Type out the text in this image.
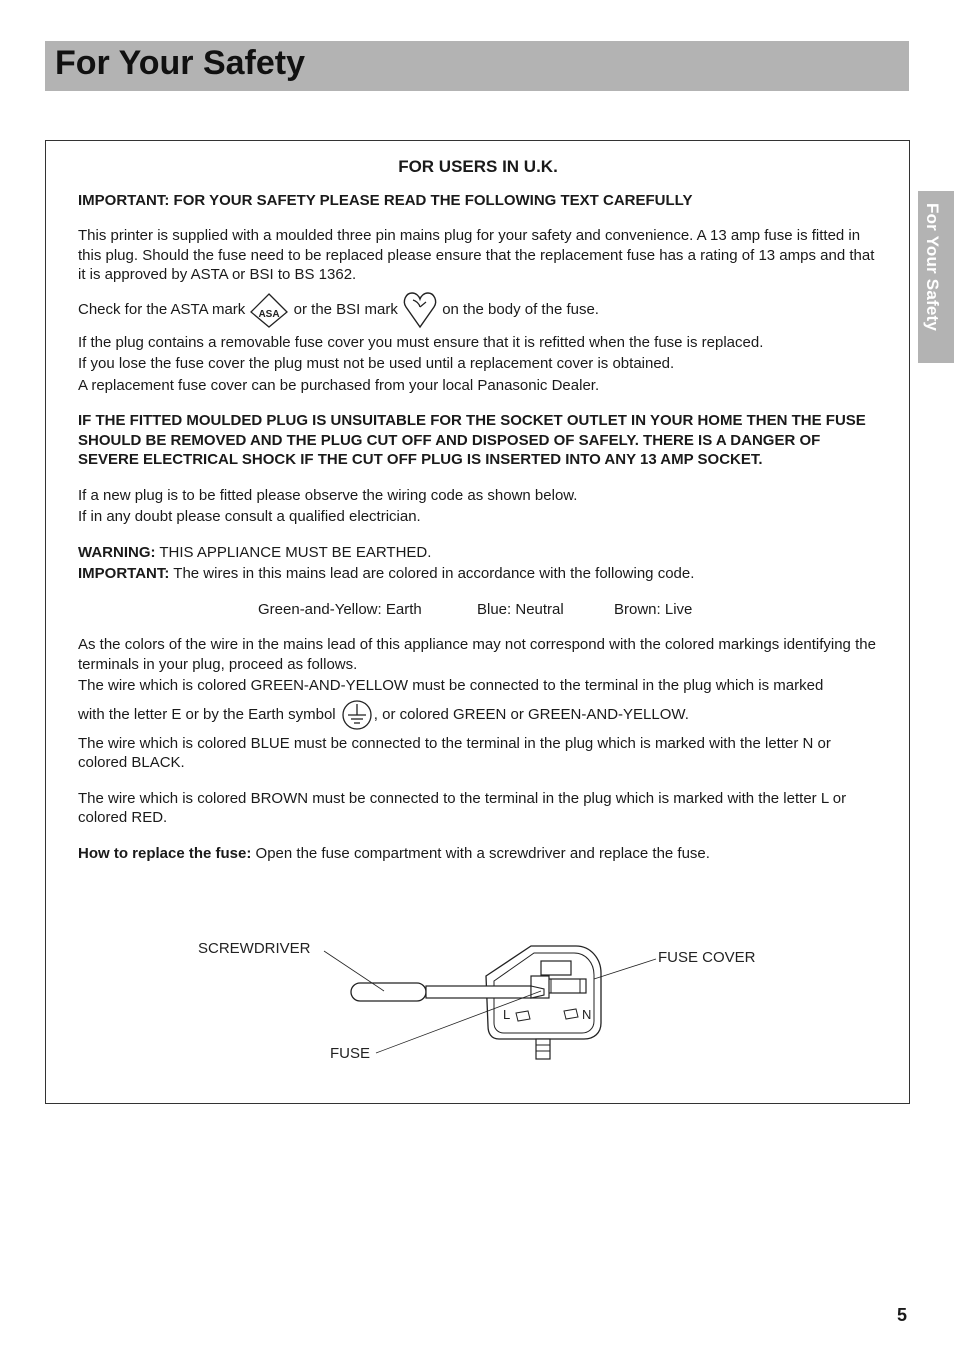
For Your Safety
For Your Safety

FOR USERS IN U.K.

IMPORTANT: FOR YOUR SAFETY PLEASE READ THE FOLLOWING TEXT CAREFULLY

This printer is supplied with a moulded three pin mains plug for your safety and convenience. A 13 amp fuse is fitted in this plug. Should the fuse need to be replaced please ensure that the replacement fuse has a rating of 13 amps and that it is approved by ASTA or BSI to BS 1362.

Check for the ASTA mark ASA or the BSI mark	on the body of the fuse.

If the plug contains a removable fuse cover you must ensure that it is refitted when the fuse is replaced.

If you lose the fuse cover the plug must not be used until a replacement cover is obtained.

A replacement fuse cover can be purchased from your local Panasonic Dealer.

IF THE FITTED MOULDED PLUG IS UNSUITABLE FOR THE SOCKET OUTLET IN YOUR HOME THEN THE FUSE SHOULD BE REMOVED AND THE PLUG CUT OFF AND DISPOSED OF SAFELY. THERE IS A DANGER OF SEVERE ELECTRICAL SHOCK IF THE CUT OFF PLUG IS INSERTED INTO ANY 13 AMP SOCKET.

If a new plug is to be fitted please observe the wiring code as shown below.

If in any doubt please consult a qualified electrician.

WARNING: THIS APPLIANCE MUST BE EARTHED.

IMPORTANT: The wires in this mains lead are colored in accordance with the following code.

Green-and-Yellow: Earth	Blue: Neutral	Brown: Live

As the colors of the wire in the mains lead of this appliance may not correspond with the colored markings identifying the terminals in your plug, proceed as follows.

The wire which is colored GREEN-AND-YELLOW must be connected to the terminal in the plug which is marked

with the letter E or by the Earth symbol	, or colored GREEN or GREEN-AND-YELLOW.

The wire which is colored BLUE must be connected to the terminal in the plug which is marked with the letter N or colored BLACK.

The wire which is colored BROWN must be connected to the terminal in the plug which is marked with the letter L or colored RED.

How to replace the fuse: Open the fuse compartment with a screwdriver and replace the fuse.

L	N
SCREWDRIVER
FUSE COVER
FUSE
5
